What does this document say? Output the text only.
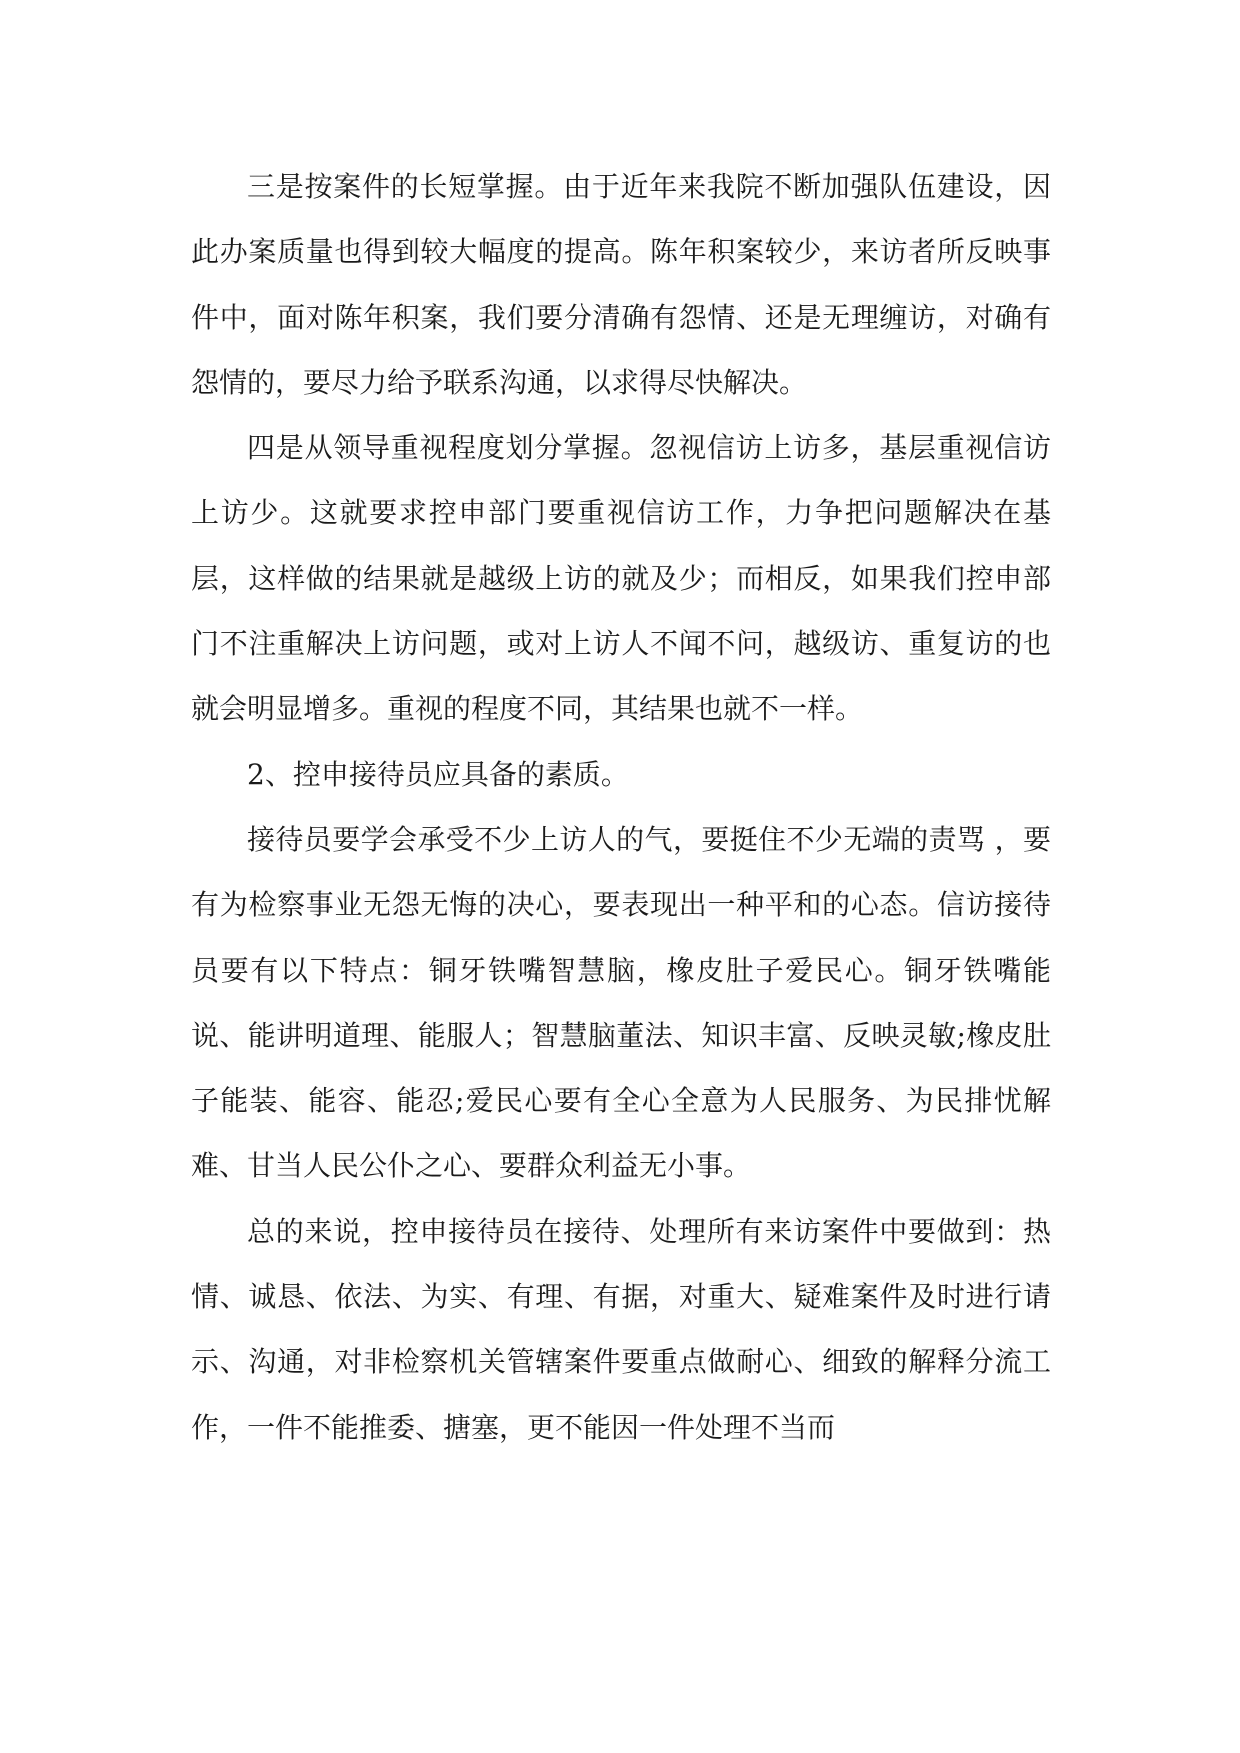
三是按案件的长短掌握。由于近年来我院不断加强队伍建设，因此办案质量也得到较大幅度的提高。陈年积案较少，来访者所反映事件中，面对陈年积案，我们要分清确有怨情、还是无理缠访，对确有怨情的，要尽力给予联系沟通，以求得尽快解决。

四是从领导重视程度划分掌握。忽视信访上访多，基层重视信访上访少。这就要求控申部门要重视信访工作，力争把问题解决在基层，这样做的结果就是越级上访的就及少；而相反，如果我们控申部门不注重解决上访问题，或对上访人不闻不问，越级访、重复访的也就会明显增多。重视的程度不同，其结果也就不一样。

2、控申接待员应具备的素质。

接待员要学会承受不少上访人的气，要挺住不少无端的责骂 ，要有为检察事业无怨无悔的决心，要表现出一种平和的心态。信访接待员要有以下特点：铜牙铁嘴智慧脑，橡皮肚子爱民心。铜牙铁嘴能说、能讲明道理、能服人；智慧脑董法、知识丰富、反映灵敏;橡皮肚子能装、能容、能忍;爱民心要有全心全意为人民服务、为民排忧解难、甘当人民公仆之心、要群众利益无小事。

总的来说，控申接待员在接待、处理所有来访案件中要做到：热情、诚恳、依法、为实、有理、有据，对重大、疑难案件及时进行请示、沟通，对非检察机关管辖案件要重点做耐心、细致的解释分流工作，一件不能推委、搪塞，更不能因一件处理不当而
